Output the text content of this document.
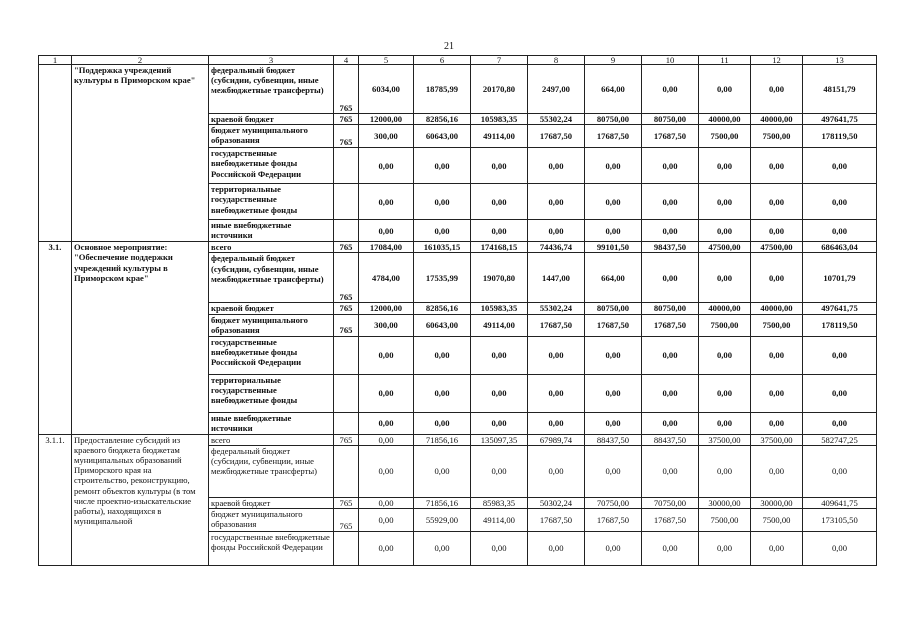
21
1	2	3	4	5	6	7	8	9	10	11	12	13
	"Поддержка учреждений культуры в Приморском крае"	федеральный бюджет (субсидии, субвенции, иные межбюджетные трансферты)	765	6034,00	18785,99	20170,80	2497,00	664,00	0,00	0,00	0,00	48151,79
		краевой бюджет	765	12000,00	82856,16	105983,35	55302,24	80750,00	80750,00	40000,00	40000,00	497641,75
		бюджет муниципального образования	765	300,00	60643,00	49114,00	17687,50	17687,50	17687,50	7500,00	7500,00	178119,50
		государственные внебюджетные фонды Российской Федерации		0,00	0,00	0,00	0,00	0,00	0,00	0,00	0,00	0,00
		территориальные государственные внебюджетные фонды		0,00	0,00	0,00	0,00	0,00	0,00	0,00	0,00	0,00
		иные внебюджетные источники		0,00	0,00	0,00	0,00	0,00	0,00	0,00	0,00	0,00
3.1.	Основное мероприятие: "Обеспечение поддержки учреждений культуры в Приморском крае"	всего	765	17084,00	161035,15	174168,15	74436,74	99101,50	98437,50	47500,00	47500,00	686463,04
		федеральный бюджет (субсидии, субвенции, иные межбюджетные трансферты)	765	4784,00	17535,99	19070,80	1447,00	664,00	0,00	0,00	0,00	10701,79
		краевой бюджет	765	12000,00	82856,16	105983,35	55302,24	80750,00	80750,00	40000,00	40000,00	497641,75
		бюджет муниципального образования	765	300,00	60643,00	49114,00	17687,50	17687,50	17687,50	7500,00	7500,00	178119,50
		государственные внебюджетные фонды Российской Федерации		0,00	0,00	0,00	0,00	0,00	0,00	0,00	0,00	0,00
		территориальные государственные внебюджетные фонды		0,00	0,00	0,00	0,00	0,00	0,00	0,00	0,00	0,00
		иные внебюджетные источники		0,00	0,00	0,00	0,00	0,00	0,00	0,00	0,00	0,00
3.1.1.	Предоставление субсидий из краевого бюджета бюджетам муниципальных образований Приморского края на строительство, реконструкцию, ремонт объектов культуры (в том числе проектно-изыскательские работы), находящихся в муниципальной	всего	765	0,00	71856,16	135097,35	67989,74	88437,50	88437,50	37500,00	37500,00	582747,25
		федеральный бюджет (субсидии, субвенции, иные межбюджетные трансферты)		0,00	0,00	0,00	0,00	0,00	0,00	0,00	0,00	0,00
		краевой бюджет	765	0,00	71856,16	85983,35	50302,24	70750,00	70750,00	30000,00	30000,00	409641,75
		бюджет муниципального образования	765	0,00	55929,00	49114,00	17687,50	17687,50	17687,50	7500,00	7500,00	173105,50
		государственные внебюджетные фонды Российской Федерации		0,00	0,00	0,00	0,00	0,00	0,00	0,00	0,00	0,00
